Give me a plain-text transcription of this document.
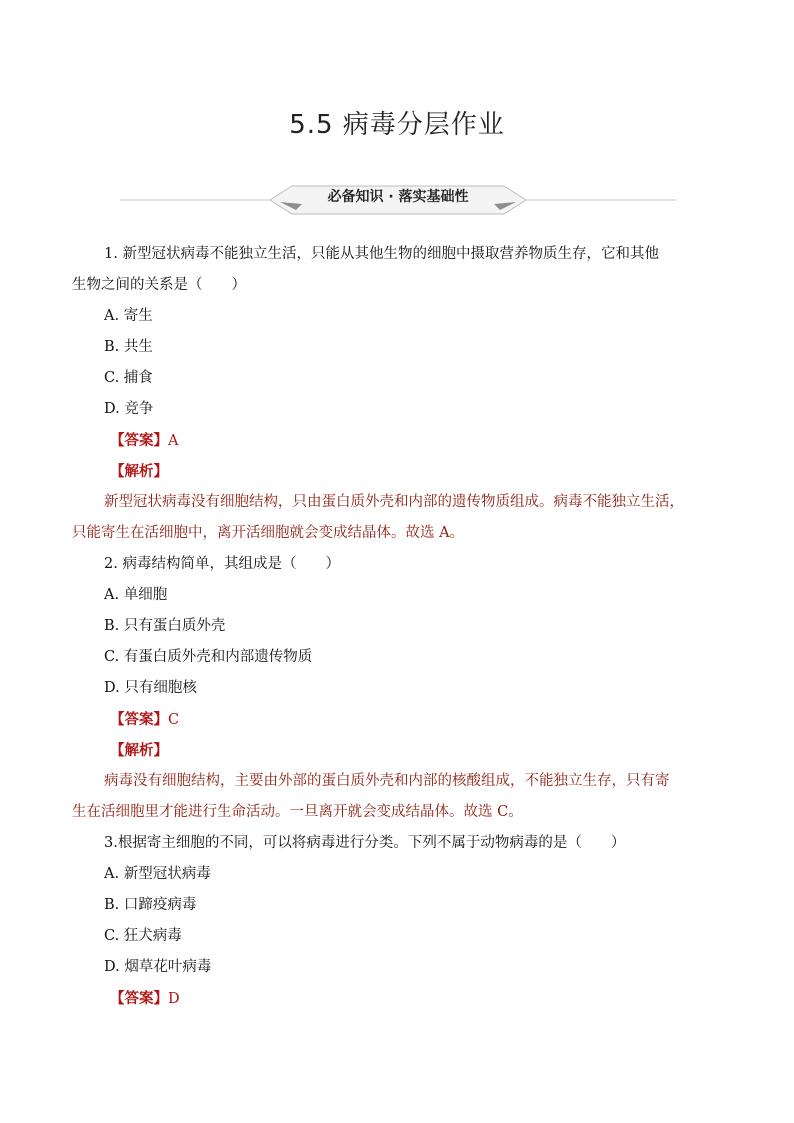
5.5 病毒分层作业
必备知识 · 落实基础性
1. 新型冠状病毒不能独立生活，只能从其他生物的细胞中摄取营养物质生存，它和其他
生物之间的关系是（　　）
A. 寄生
B. 共生
C. 捕食
D. 竞争
【答案】A
【解析】
新型冠状病毒没有细胞结构，只由蛋白质外壳和内部的遗传物质组成。病毒不能独立生活，
只能寄生在活细胞中，离开活细胞就会变成结晶体。故选 A。
2. 病毒结构简单，其组成是（　　）
A. 单细胞
B. 只有蛋白质外壳
C. 有蛋白质外壳和内部遗传物质
D. 只有细胞核
【答案】C
【解析】
病毒没有细胞结构，主要由外部的蛋白质外壳和内部的核酸组成，不能独立生存，只有寄
生在活细胞里才能进行生命活动。一旦离开就会变成结晶体。故选 C。
3.根据寄主细胞的不同，可以将病毒进行分类。下列不属于动物病毒的是（　　）
A. 新型冠状病毒
B. 口蹄疫病毒
C. 狂犬病毒
D. 烟草花叶病毒
【答案】D
